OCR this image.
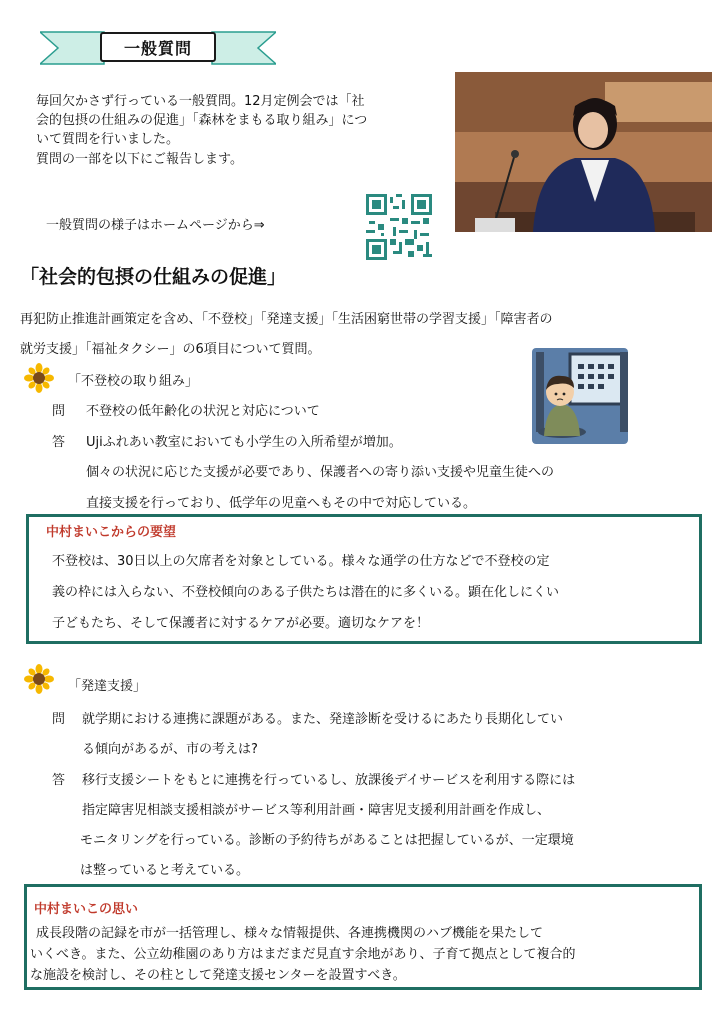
一般質問
毎回欠かさず行っている一般質問。12月定例会では「社
会的包摂の仕組みの促進」「森林をまもる取り組み」につ
いて質問を行いました。
質問の一部を以下にご報告します。
一般質問の様子はホームページから⇒
「社会的包摂の仕組みの促進」
再犯防止推進計画策定を含め、「不登校」「発達支援」「生活困窮世帯の学習支援」「障害者の
就労支援」「福祉タクシー」の6項目について質問。
「不登校の取り組み」
問 不登校の低年齢化の状況と対応について
答 Ujiふれあい教室においても小学生の入所希望が増加。
個々の状況に応じた支援が必要であり、保護者への寄り添い支援や児童生徒への
直接支援を行っており、低学年の児童へもその中で対応している。
中村まいこからの要望
不登校は、30日以上の欠席者を対象としている。様々な通学の仕方などで不登校の定
義の枠には入らない、不登校傾向のある子供たちは潜在的に多くいる。顕在化しにくい
子どもたち、そして保護者に対するケアが必要。適切なケアを！
「発達支援」
問 就学期における連携に課題がある。また、発達診断を受けるにあたり長期化してい
る傾向があるが、市の考えは?
答 移行支援シートをもとに連携を行っているし、放課後デイサービスを利用する際には
指定障害児相談支援相談がサービス等利用計画・障害児支援利用計画を作成し、
モニタリングを行っている。診断の予約待ちがあることは把握しているが、一定環境
は整っていると考えている。
中村まいこの思い
成長段階の記録を市が一括管理し、様々な情報提供、各連携機関のハブ機能を果たして
いくべき。また、公立幼稚園のあり方はまだまだ見直す余地があり、子育て拠点として複合的
な施設を検討し、その柱として発達支援センターを設置すべき。
